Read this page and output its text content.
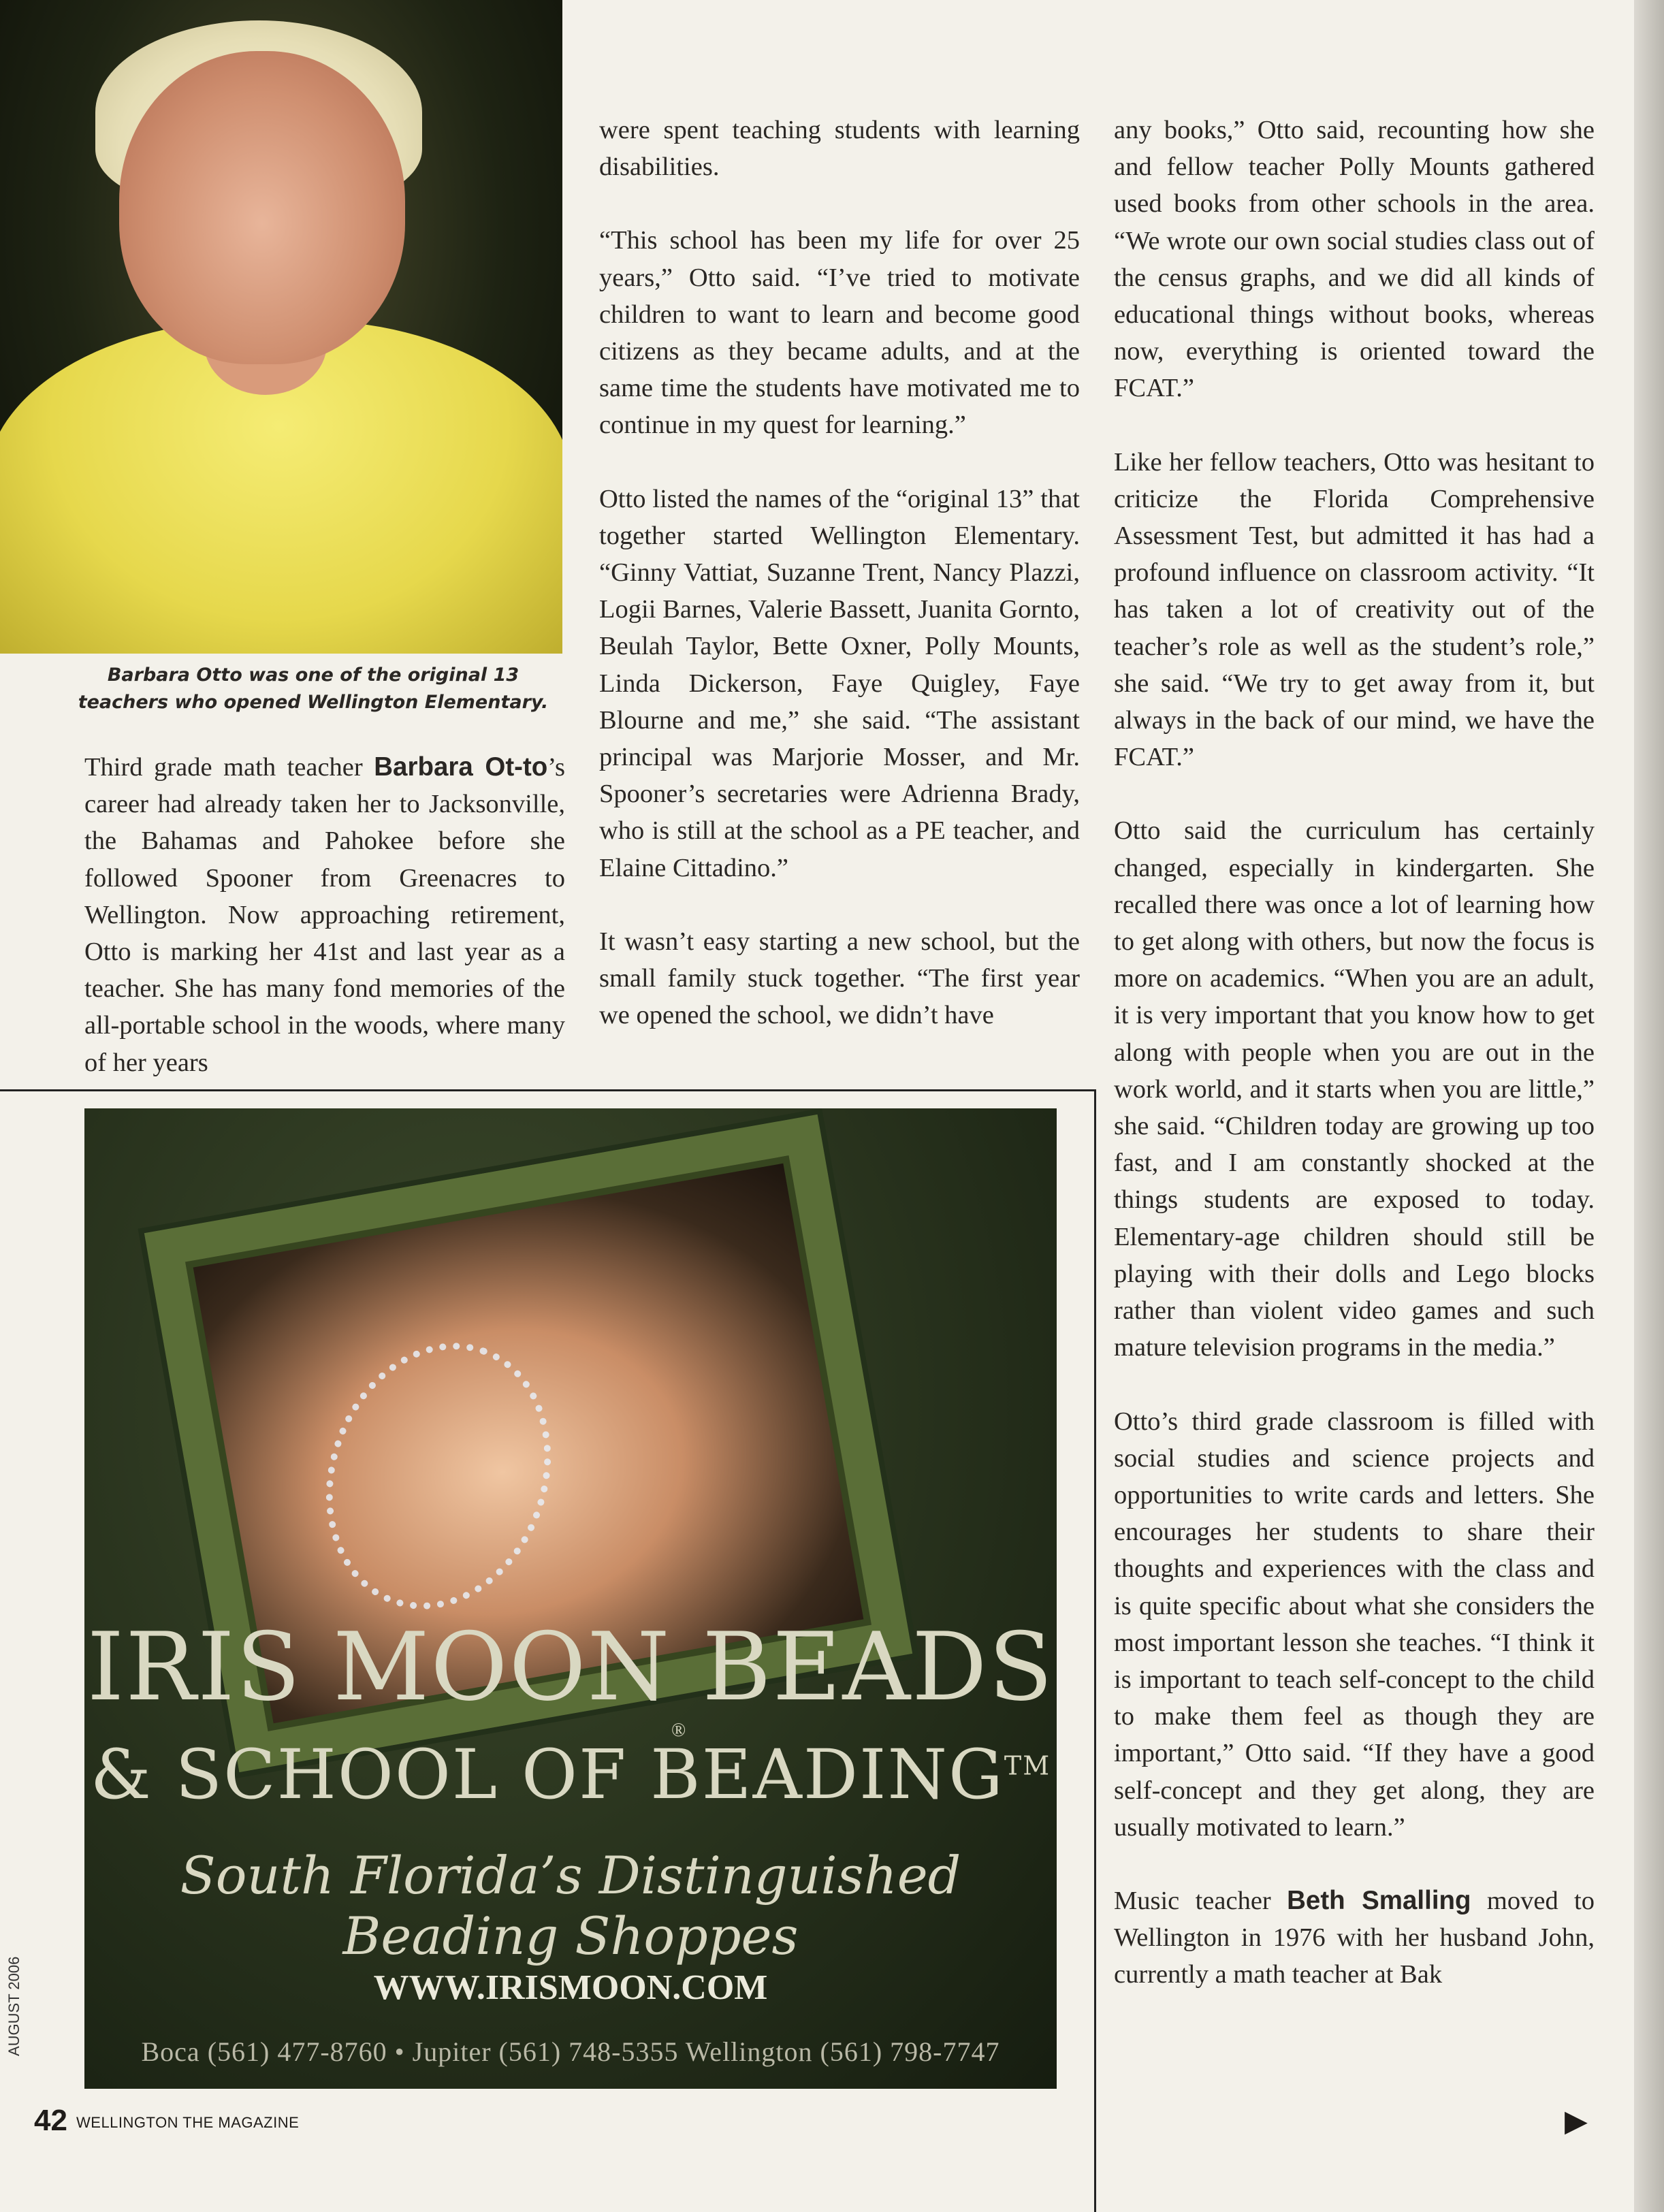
Barbara Otto was one of the original 13
teachers who opened Wellington Elementary.

Third grade math teacher Barbara Ot-to’s career had already taken her to Jacksonville, the Bahamas and Pahokee before she followed Spooner from Greenacres to Wellington. Now approaching retirement, Otto is marking her 41st and last year as a teacher. She has many fond memories of the all-portable school in the woods, where many of her years

were spent teaching students with learning disabilities.

“This school has been my life for over 25 years,” Otto said. “I’ve tried to motivate children to want to learn and become good citizens as they became adults, and at the same time the students have motivated me to continue in my quest for learning.”

Otto listed the names of the “original 13” that together started Wellington Elementary. “Ginny Vattiat, Suzanne Trent, Nancy Plazzi, Logii Barnes, Valerie Bassett, Juanita Gornto, Beulah Taylor, Bette Oxner, Polly Mounts, Linda Dickerson, Faye Quigley, Faye Blourne and me,” she said. “The assistant principal was Marjorie Mosser, and Mr. Spooner’s secretaries were Adrienna Brady, who is still at the school as a PE teacher, and Elaine Cittadino.”

It wasn’t easy starting a new school, but the small family stuck together. “The first year we opened the school, we didn’t have

any books,” Otto said, recounting how she and fellow teacher Polly Mounts gathered used books from other schools in the area. “We wrote our own social studies class out of the census graphs, and we did all kinds of educational things without books, whereas now, everything is oriented toward the FCAT.”

Like her fellow teachers, Otto was hesitant to criticize the Florida Comprehensive Assessment Test, but admitted it has had a profound influence on classroom activity. “It has taken a lot of creativity out of the teacher’s role as well as the student’s role,” she said. “We try to get away from it, but always in the back of our mind, we have the FCAT.”

Otto said the curriculum has certainly changed, especially in kindergarten. She recalled there was once a lot of learning how to get along with others, but now the focus is more on academics. “When you are an adult, it is very important that you know how to get along with people when you are out in the work world, and it starts when you are little,” she said. “Children today are growing up too fast, and I am constantly shocked at the things students are exposed to today. Elementary-age children should still be playing with their dolls and Lego blocks rather than violent video games and such mature television programs in the media.”

Otto’s third grade classroom is filled with social studies and science projects and opportunities to write cards and letters. She encourages her students to share their thoughts and experiences with the class and is quite specific about what she considers the most important lesson she teaches. “I think it is important to teach self-concept to the child to make them feel as though they are important,” Otto said. “If they have a good self-concept and they get along, they are usually motivated to learn.”

Music teacher Beth Smalling moved to Wellington in 1976 with her husband John, currently a math teacher at Bak

IRIS MOON BEADS
®
& SCHOOL OF BEADING™
South Florida’s Distinguished Beading Shoppes
WWW.IRISMOON.COM
Boca (561) 477-8760 • Jupiter (561) 748-5355 Wellington (561) 798-7747
AUGUST 2006
42 WELLINGTON THE MAGAZINE	▶
